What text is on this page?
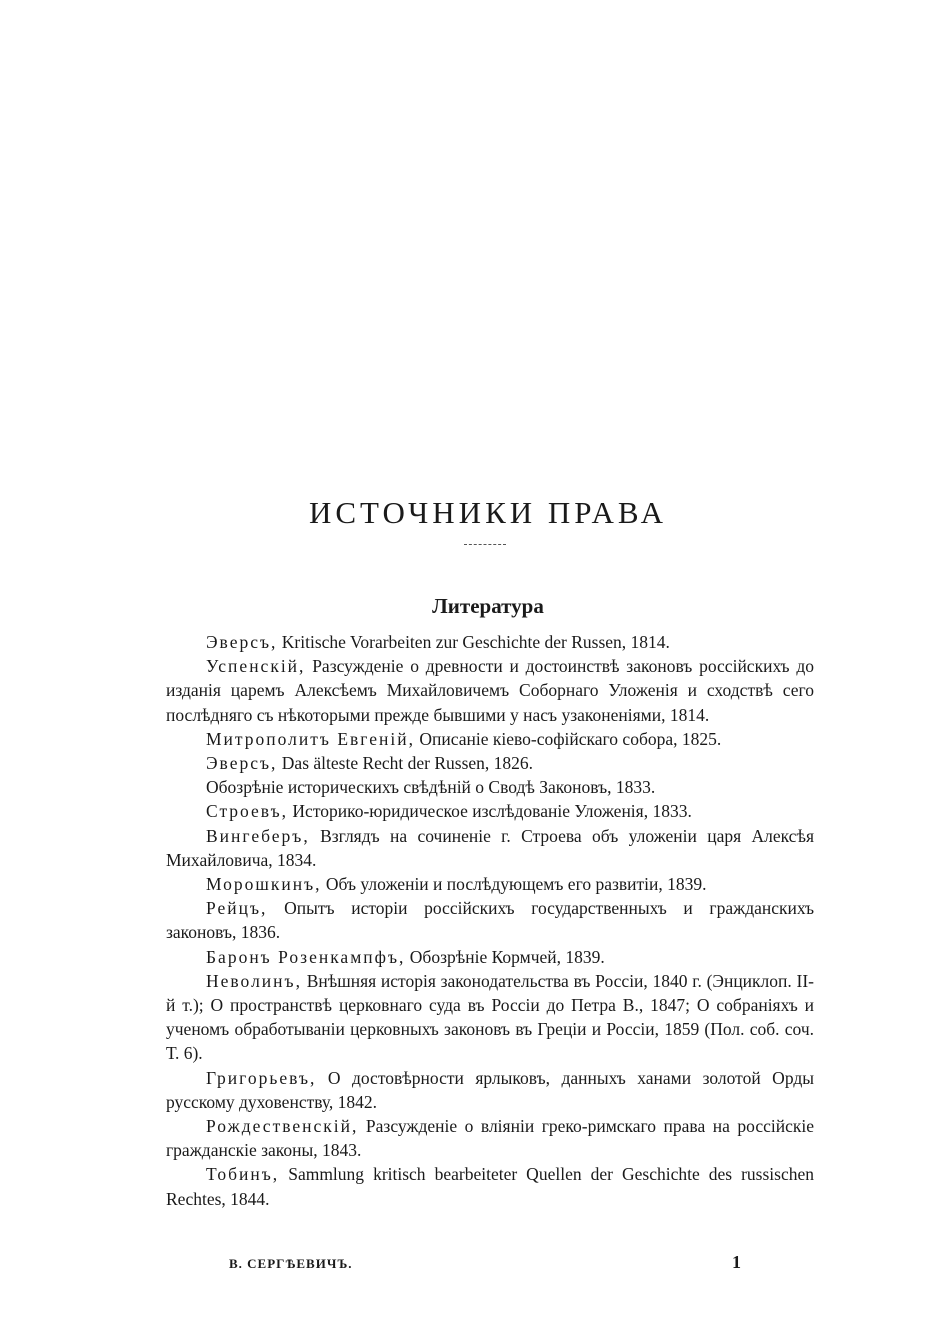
ИСТОЧНИКИ ПРАВА
Литература

Эверсъ, Kritische Vorarbeiten zur Geschichte der Russen, 1814.

Успенскій, Разсужденіе о древности и достоинствѣ законовъ россійскихъ до изданія царемъ Алексѣемъ Михайловичемъ Соборнаго Уложенія и сходствѣ сего послѣдняго съ нѣкоторыми прежде бывшими у насъ узаконеніями, 1814.

Митрополитъ Евгеній, Описаніе кіево-софійскаго собора, 1825.

Эверсъ, Das älteste Recht der Russen, 1826.

Обозрѣніе историческихъ свѣдѣній о Сводѣ Законовъ, 1833.

Строевъ, Историко-юридическое изслѣдованіе Уложенія, 1833.

Вингеберъ, Взглядъ на сочиненіе г. Строева объ уложеніи царя Алексѣя Михайловича, 1834.

Морошкинъ, Объ уложеніи и послѣдующемъ его развитіи, 1839.

Рейцъ, Опытъ исторіи россійскихъ государственныхъ и гражданскихъ законовъ, 1836.

Баронъ Розенкампфъ, Обозрѣніе Кормчей, 1839.

Неволинъ, Внѣшняя исторія законодательства въ Россіи, 1840 г. (Энциклоп. II-й т.); О пространствѣ церковнаго суда въ Россіи до Петра В., 1847; О собраніяхъ и ученомъ обработываніи церковныхъ законовъ въ Греціи и Россіи, 1859 (Пол. соб. соч. Т. 6).

Григорьевъ, О достовѣрности ярлыковъ, данныхъ ханами золотой Орды русскому духовенству, 1842.

Рождественскій, Разсужденіе о вліяніи греко-римскаго права на россійскіе гражданскіе законы, 1843.

Тобинъ, Sammlung kritisch bearbeiteter Quellen der Geschichte des russischen Rechtes, 1844.

В. СЕРГѢЕВИЧЪ.	1
